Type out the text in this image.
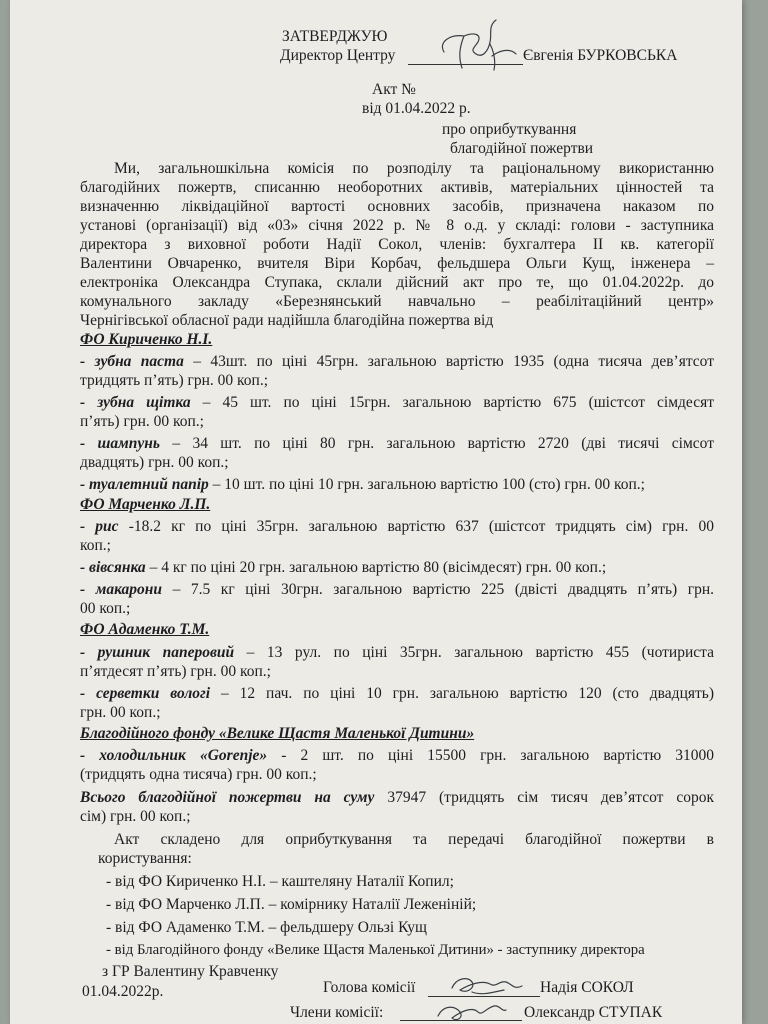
ЗАТВЕРДЖУЮ
Директор Центру	Євгенія БУРКОВСЬКА
Акт №
від 01.04.2022 р.
про оприбуткування
благодійної пожертви
Ми, загальношкільна комісія по розподілу та раціональному використанню
благодійних пожертв, списанню необоротних активів, матеріальних цінностей та
визначенню ліквідаційної вартості основних засобів, призначена наказом по
установі (організації) від «03» січня 2022 р. № 8 о.д. у складі: голови - заступника
директора з виховної роботи Надії Сокол, членів: бухгалтера ІІ кв. категорії
Валентини Овчаренко, вчителя Віри Корбач, фельдшера Ольги Кущ, інженера –
електроніка Олександра Ступака, склали дійсний акт про те, що 01.04.2022р. до
комунального закладу «Березнянський навчально – реабілітаційний центр»
Чернігівської обласної ради надійшла благодійна пожертва від
ФО Кириченко Н.І.
- зубна паста – 43шт. по ціні 45грн. загальною вартістю 1935 (одна тисяча дев’ятсот
тридцять п’ять) грн. 00 коп.;
- зубна щітка – 45 шт. по ціні 15грн. загальною вартістю 675 (шістсот сімдесят
п’ять) грн. 00 коп.;
- шампунь – 34 шт. по ціні 80 грн. загальною вартістю 2720 (дві тисячі сімсот
двадцять) грн. 00 коп.;
- туалетний папір – 10 шт. по ціні 10 грн. загальною вартістю 100 (сто) грн. 00 коп.;
ФО Марченко Л.П.
- рис -18.2 кг по ціні 35грн. загальною вартістю 637 (шістсот тридцять сім) грн. 00
коп.;
- вівсянка – 4 кг по ціні 20 грн. загальною вартістю 80 (вісімдесят) грн. 00 коп.;
- макарони – 7.5 кг ціні 30грн. загальною вартістю 225 (двісті двадцять п’ять) грн.
00 коп.;
ФО Адаменко Т.М.
- рушник паперовий – 13 рул. по ціні 35грн. загальною вартістю 455 (чотириста
п’ятдесят п’ять) грн. 00 коп.;
- серветки вологі – 12 пач. по ціні 10 грн. загальною вартістю 120 (сто двадцять)
грн. 00 коп.;
Благодійного фонду «Велике Щастя Маленької Дитини»
- холодильник «Gorenje» - 2 шт. по ціні 15500 грн. загальною вартістю 31000
(тридцять одна тисяча) грн. 00 коп.;
Всього благодійної пожертви на суму 37947 (тридцять сім тисяч дев’ятсот сорок
сім) грн. 00 коп.;
Акт складено для оприбуткування та передачі благодійної пожертви в
користування:
- від ФО Кириченко Н.І. – каштеляну Наталії Копил;
- від ФО Марченко Л.П. – комірнику Наталії Леженіній;
- від ФО Адаменко Т.М. – фельдшеру Ользі Кущ
- від Благодійного фонду «Велике Щастя Маленької Дитини» - заступнику директора
з ГР Валентину Кравченку
01.04.2022р.	Голова комісії	Надія СОКОЛ
Члени комісії:	Олександр СТУПАК
